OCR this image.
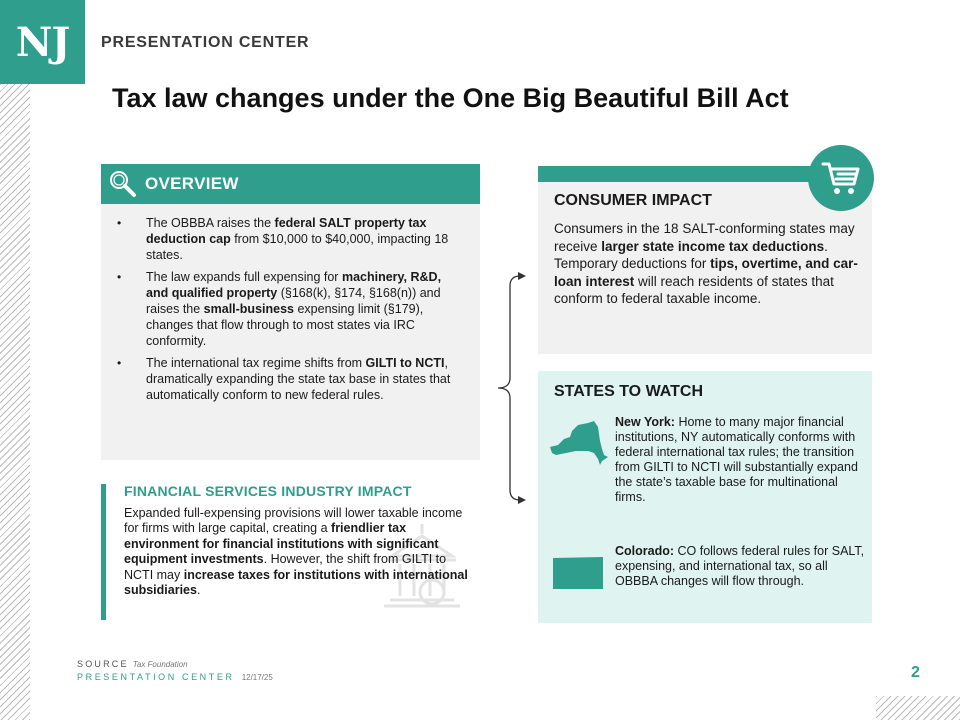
NJ	PRESENTATION CENTER
Tax law changes under the One Big Beautiful Bill Act
OVERVIEW
• The OBBBA raises the federal SALT property tax deduction cap from $10,000 to $40,000, impacting 18 states.
• The law expands full expensing for machinery, R&D, and qualified property (§168(k), §174, §168(n)) and raises the small-business expensing limit (§179), changes that flow through to most states via IRC conformity.
• The international tax regime shifts from GILTI to NCTI, dramatically expanding the state tax base in states that automatically conform to new federal rules.
FINANCIAL SERVICES INDUSTRY IMPACT
Expanded full-expensing provisions will lower taxable income for firms with large capital, creating a friendlier tax environment for financial institutions with significant equipment investments. However, the shift from GILTI to NCTI may increase taxes for institutions with international subsidiaries.
CONSUMER IMPACT
Consumers in the 18 SALT-conforming states may receive larger state income tax deductions. Temporary deductions for tips, overtime, and car-loan interest will reach residents of states that conform to federal taxable income.
STATES TO WATCH
New York: Home to many major financial institutions, NY automatically conforms with federal international tax rules; the transition from GILTI to NCTI will substantially expand the state’s taxable base for multinational firms.
Colorado: CO follows federal rules for SALT, expensing, and international tax, so all OBBBA changes will flow through.
SOURCE Tax Foundation
PRESENTATION CENTER 12/17/25	2
